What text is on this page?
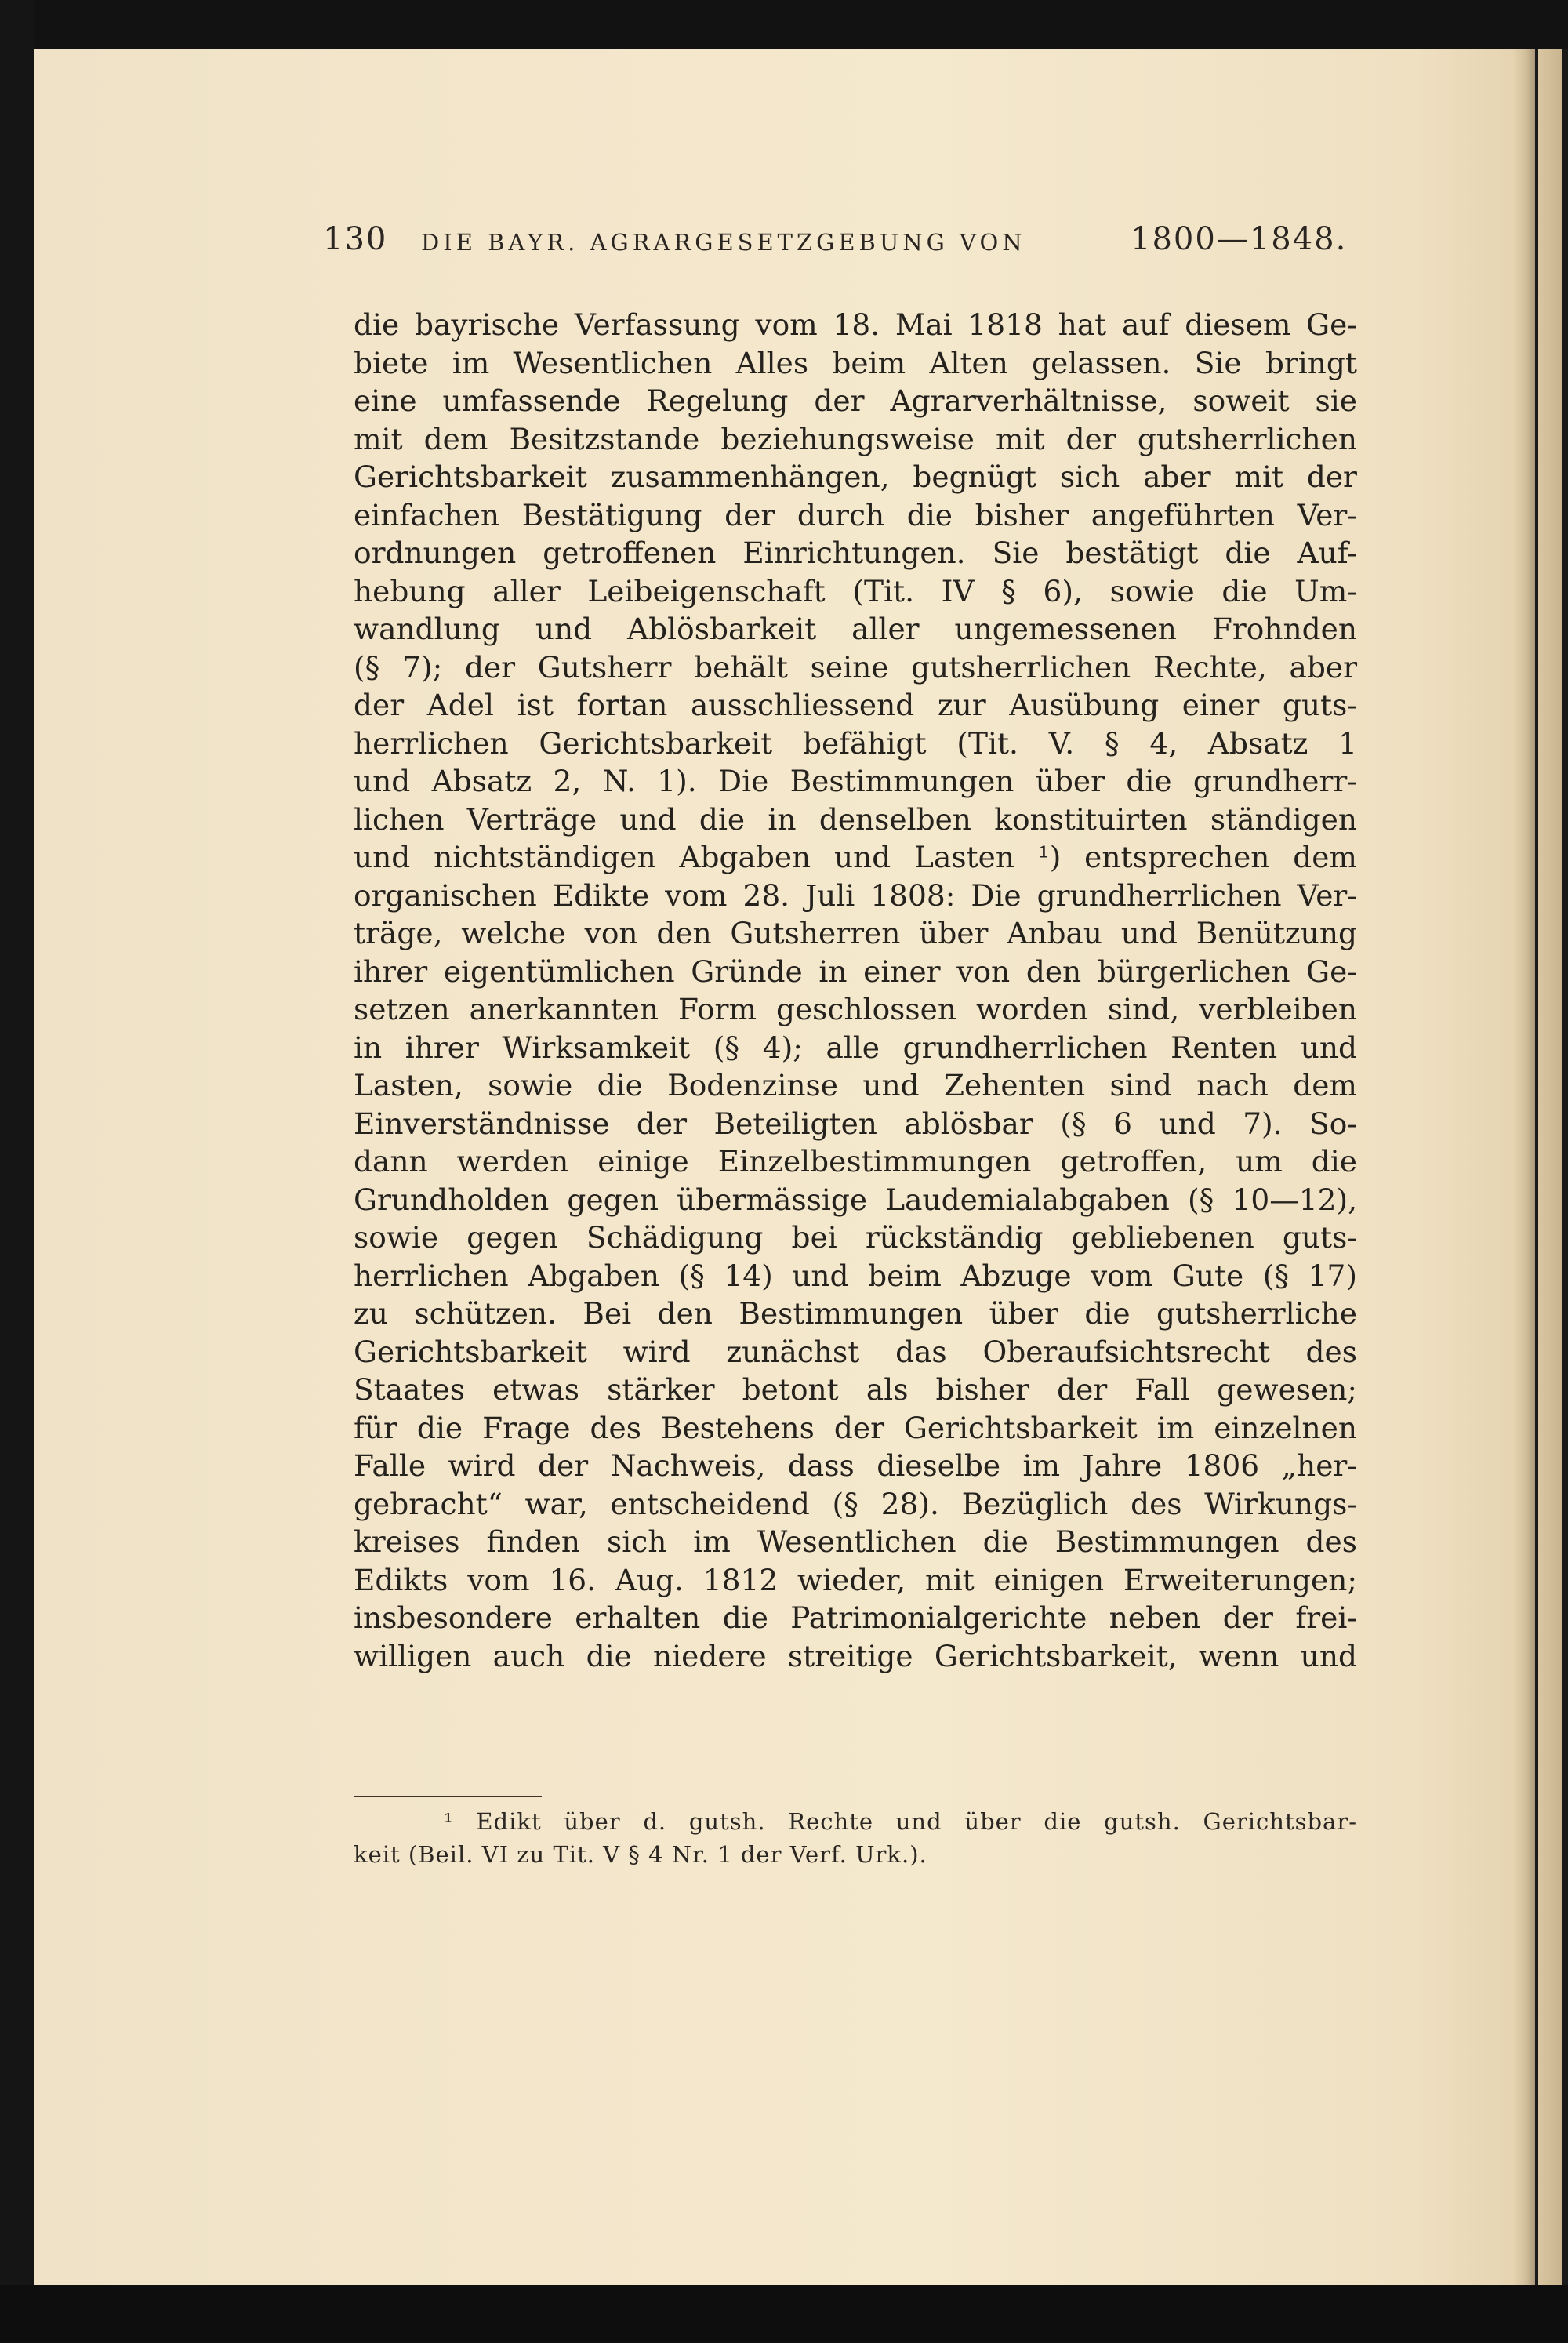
130 DIE BAYR. AGRARGESETZGEBUNG VON	1800—1848.
die bayrische Verfassung vom 18. Mai 1818 hat auf diesem Ge-
biete im Wesentlichen Alles beim Alten gelassen. Sie bringt
eine umfassende Regelung der Agrarverhältnisse, soweit sie
mit dem Besitzstande beziehungsweise mit der gutsherrlichen
Gerichtsbarkeit zusammenhängen, begnügt sich aber mit der
einfachen Bestätigung der durch die bisher angeführten Ver-
ordnungen getroffenen Einrichtungen. Sie bestätigt die Auf-
hebung aller Leibeigenschaft (Tit. IV § 6), sowie die Um-
wandlung und Ablösbarkeit aller ungemessenen Frohnden
(§ 7); der Gutsherr behält seine gutsherrlichen Rechte, aber
der Adel ist fortan ausschliessend zur Ausübung einer guts-
herrlichen Gerichtsbarkeit befähigt (Tit. V. § 4, Absatz 1
und Absatz 2, N. 1). Die Bestimmungen über die grundherr-
lichen Verträge und die in denselben konstituirten ständigen
und nichtständigen Abgaben und Lasten ¹) entsprechen dem
organischen Edikte vom 28. Juli 1808: Die grundherrlichen Ver-
träge, welche von den Gutsherren über Anbau und Benützung
ihrer eigentümlichen Gründe in einer von den bürgerlichen Ge-
setzen anerkannten Form geschlossen worden sind, verbleiben
in ihrer Wirksamkeit (§ 4); alle grundherrlichen Renten und
Lasten, sowie die Bodenzinse und Zehenten sind nach dem
Einverständnisse der Beteiligten ablösbar (§ 6 und 7). So-
dann werden einige Einzelbestimmungen getroffen, um die
Grundholden gegen übermässige Laudemialabgaben (§ 10—12),
sowie gegen Schädigung bei rückständig gebliebenen guts-
herrlichen Abgaben (§ 14) und beim Abzuge vom Gute (§ 17)
zu schützen. Bei den Bestimmungen über die gutsherrliche
Gerichtsbarkeit wird zunächst das Oberaufsichtsrecht des
Staates etwas stärker betont als bisher der Fall gewesen;
für die Frage des Bestehens der Gerichtsbarkeit im einzelnen
Falle wird der Nachweis, dass dieselbe im Jahre 1806 „her-
gebracht“ war, entscheidend (§ 28). Bezüglich des Wirkungs-
kreises finden sich im Wesentlichen die Bestimmungen des
Edikts vom 16. Aug. 1812 wieder, mit einigen Erweiterungen;
insbesondere erhalten die Patrimonialgerichte neben der frei-
willigen auch die niedere streitige Gerichtsbarkeit, wenn und
¹ Edikt über d. gutsh. Rechte und über die gutsh. Gerichtsbar-
keit (Beil. VI zu Tit. V § 4 Nr. 1 der Verf. Urk.).
